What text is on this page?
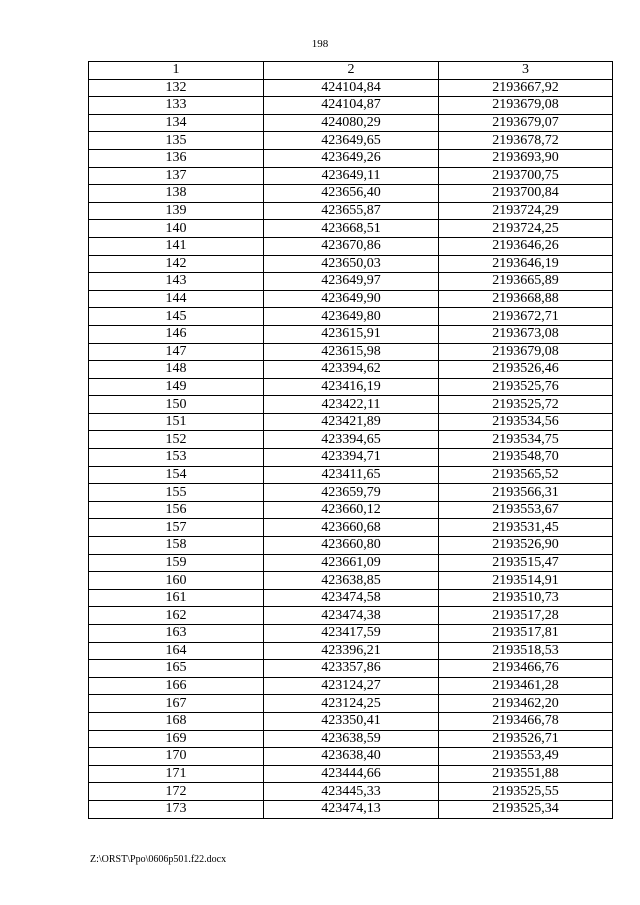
198
1	2	3
132	424104,84	2193667,92
133	424104,87	2193679,08
134	424080,29	2193679,07
135	423649,65	2193678,72
136	423649,26	2193693,90
137	423649,11	2193700,75
138	423656,40	2193700,84
139	423655,87	2193724,29
140	423668,51	2193724,25
141	423670,86	2193646,26
142	423650,03	2193646,19
143	423649,97	2193665,89
144	423649,90	2193668,88
145	423649,80	2193672,71
146	423615,91	2193673,08
147	423615,98	2193679,08
148	423394,62	2193526,46
149	423416,19	2193525,76
150	423422,11	2193525,72
151	423421,89	2193534,56
152	423394,65	2193534,75
153	423394,71	2193548,70
154	423411,65	2193565,52
155	423659,79	2193566,31
156	423660,12	2193553,67
157	423660,68	2193531,45
158	423660,80	2193526,90
159	423661,09	2193515,47
160	423638,85	2193514,91
161	423474,58	2193510,73
162	423474,38	2193517,28
163	423417,59	2193517,81
164	423396,21	2193518,53
165	423357,86	2193466,76
166	423124,27	2193461,28
167	423124,25	2193462,20
168	423350,41	2193466,78
169	423638,59	2193526,71
170	423638,40	2193553,49
171	423444,66	2193551,88
172	423445,33	2193525,55
173	423474,13	2193525,34
Z:\ORST\Ppo\0606p501.f22.docx
